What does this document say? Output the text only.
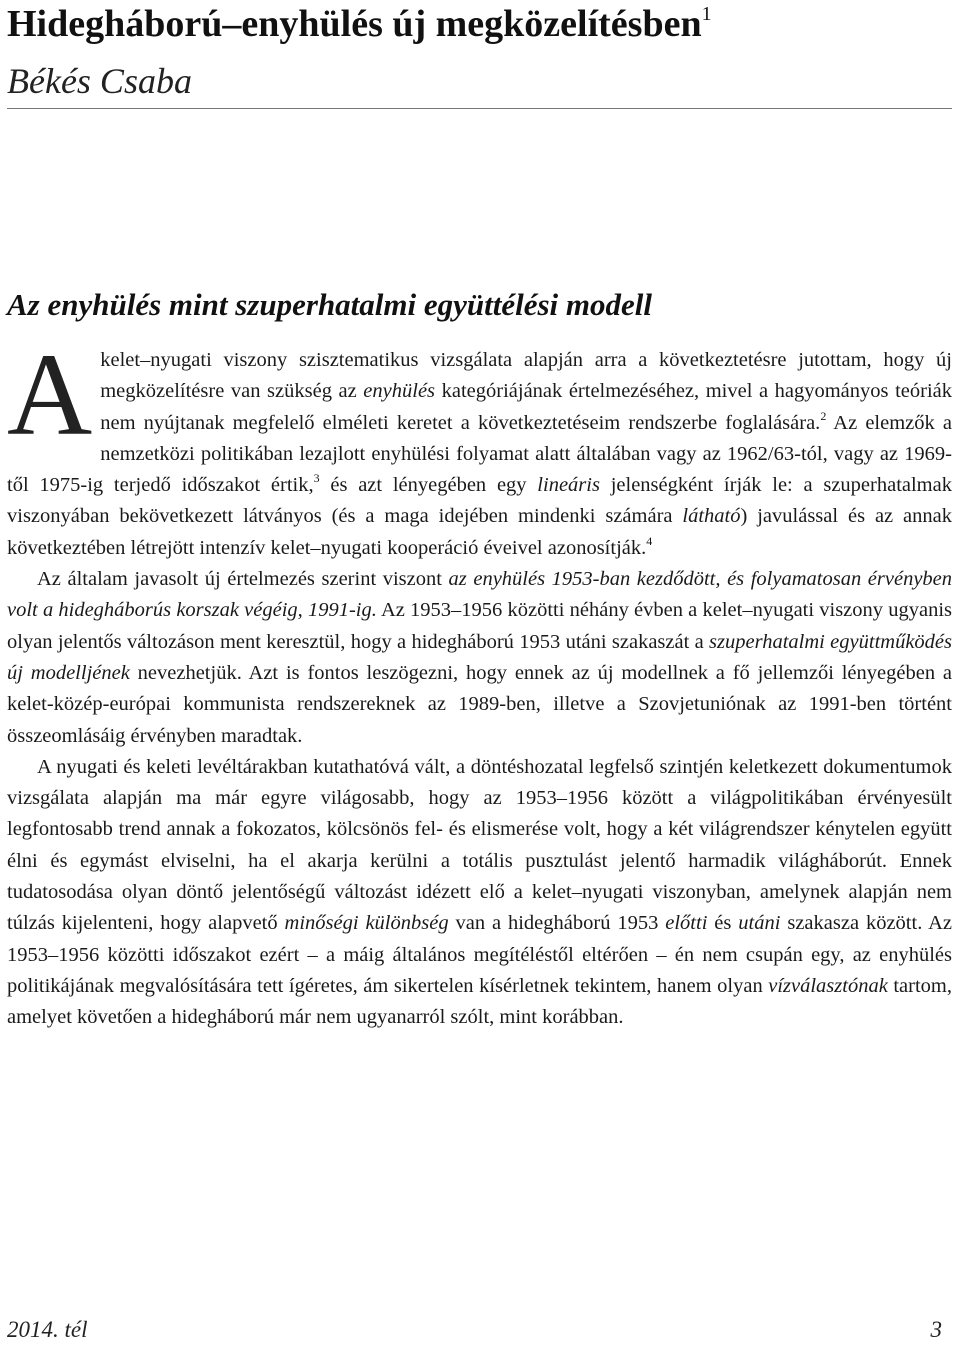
Hidegháború–enyhülés új megközelítésben$^1$
Békés Csaba
Az enyhülés mint szuperhatalmi együttélési modell

A kelet–nyugati viszony szisztematikus vizsgálata alapján arra a következtetésre jutottam, hogy új megközelítésre van szükség az enyhülés kategóriájának értelmezéséhez, mivel a hagyományos teóriák nem nyújtanak megfelelő elméleti keretet a következtetéseim rendszerbe foglalására.$^2$ Az elemzők a nemzetközi politikában lezajlott enyhülési folyamat alatt általában vagy az 1962/63-tól, vagy az 1969-től 1975-ig terjedő időszakot értik,$^3$ és azt lényegében egy lineáris jelenségként írják le: a szuperhatalmak viszonyában bekövetkezett látványos (és a maga idejében mindenki számára látható) javulással és az annak következtében létrejött intenzív kelet–nyugati kooperáció éveivel azonosítják.$^4$

Az általam javasolt új értelmezés szerint viszont az enyhülés 1953-ban kezdődött, és folyamatosan érvényben volt a hidegháborús korszak végéig, 1991-ig. Az 1953–1956 közötti néhány évben a kelet–nyugati viszony ugyanis olyan jelentős változáson ment keresztül, hogy a hidegháború 1953 utáni szakaszát a szuperhatalmi együttműködés új modelljének nevezhetjük. Azt is fontos leszögezni, hogy ennek az új modellnek a fő jellemzői lényegében a kelet-közép-európai kommunista rendszereknek az 1989-ben, illetve a Szovjetuniónak az 1991-ben történt összeomlásáig érvényben maradtak.

A nyugati és keleti levéltárakban kutathatóvá vált, a döntéshozatal legfelső szintjén keletkezett dokumentumok vizsgálata alapján ma már egyre világosabb, hogy az 1953–1956 között a világpolitikában érvényesült legfontosabb trend annak a fokozatos, kölcsönös fel- és elismerése volt, hogy a két világrendszer kénytelen együtt élni és egymást elviselni, ha el akarja kerülni a totális pusztulást jelentő harmadik világháborút. Ennek tudatosodása olyan döntő jelentőségű változást idézett elő a kelet–nyugati viszonyban, amelynek alapján nem túlzás kijelenteni, hogy alapvető minőségi különbség van a hidegháború 1953 előtti és utáni szakasza között. Az 1953–1956 közötti időszakot ezért – a máig általános megítéléstől eltérően – én nem csupán egy, az enyhülés politikájának megvalósítására tett ígéretes, ám sikertelen kísérletnek tekintem, hanem olyan vízválasztónak tartom, amelyet követően a hidegháború már nem ugyanarról szólt, mint korábban.

2014. tél	3
